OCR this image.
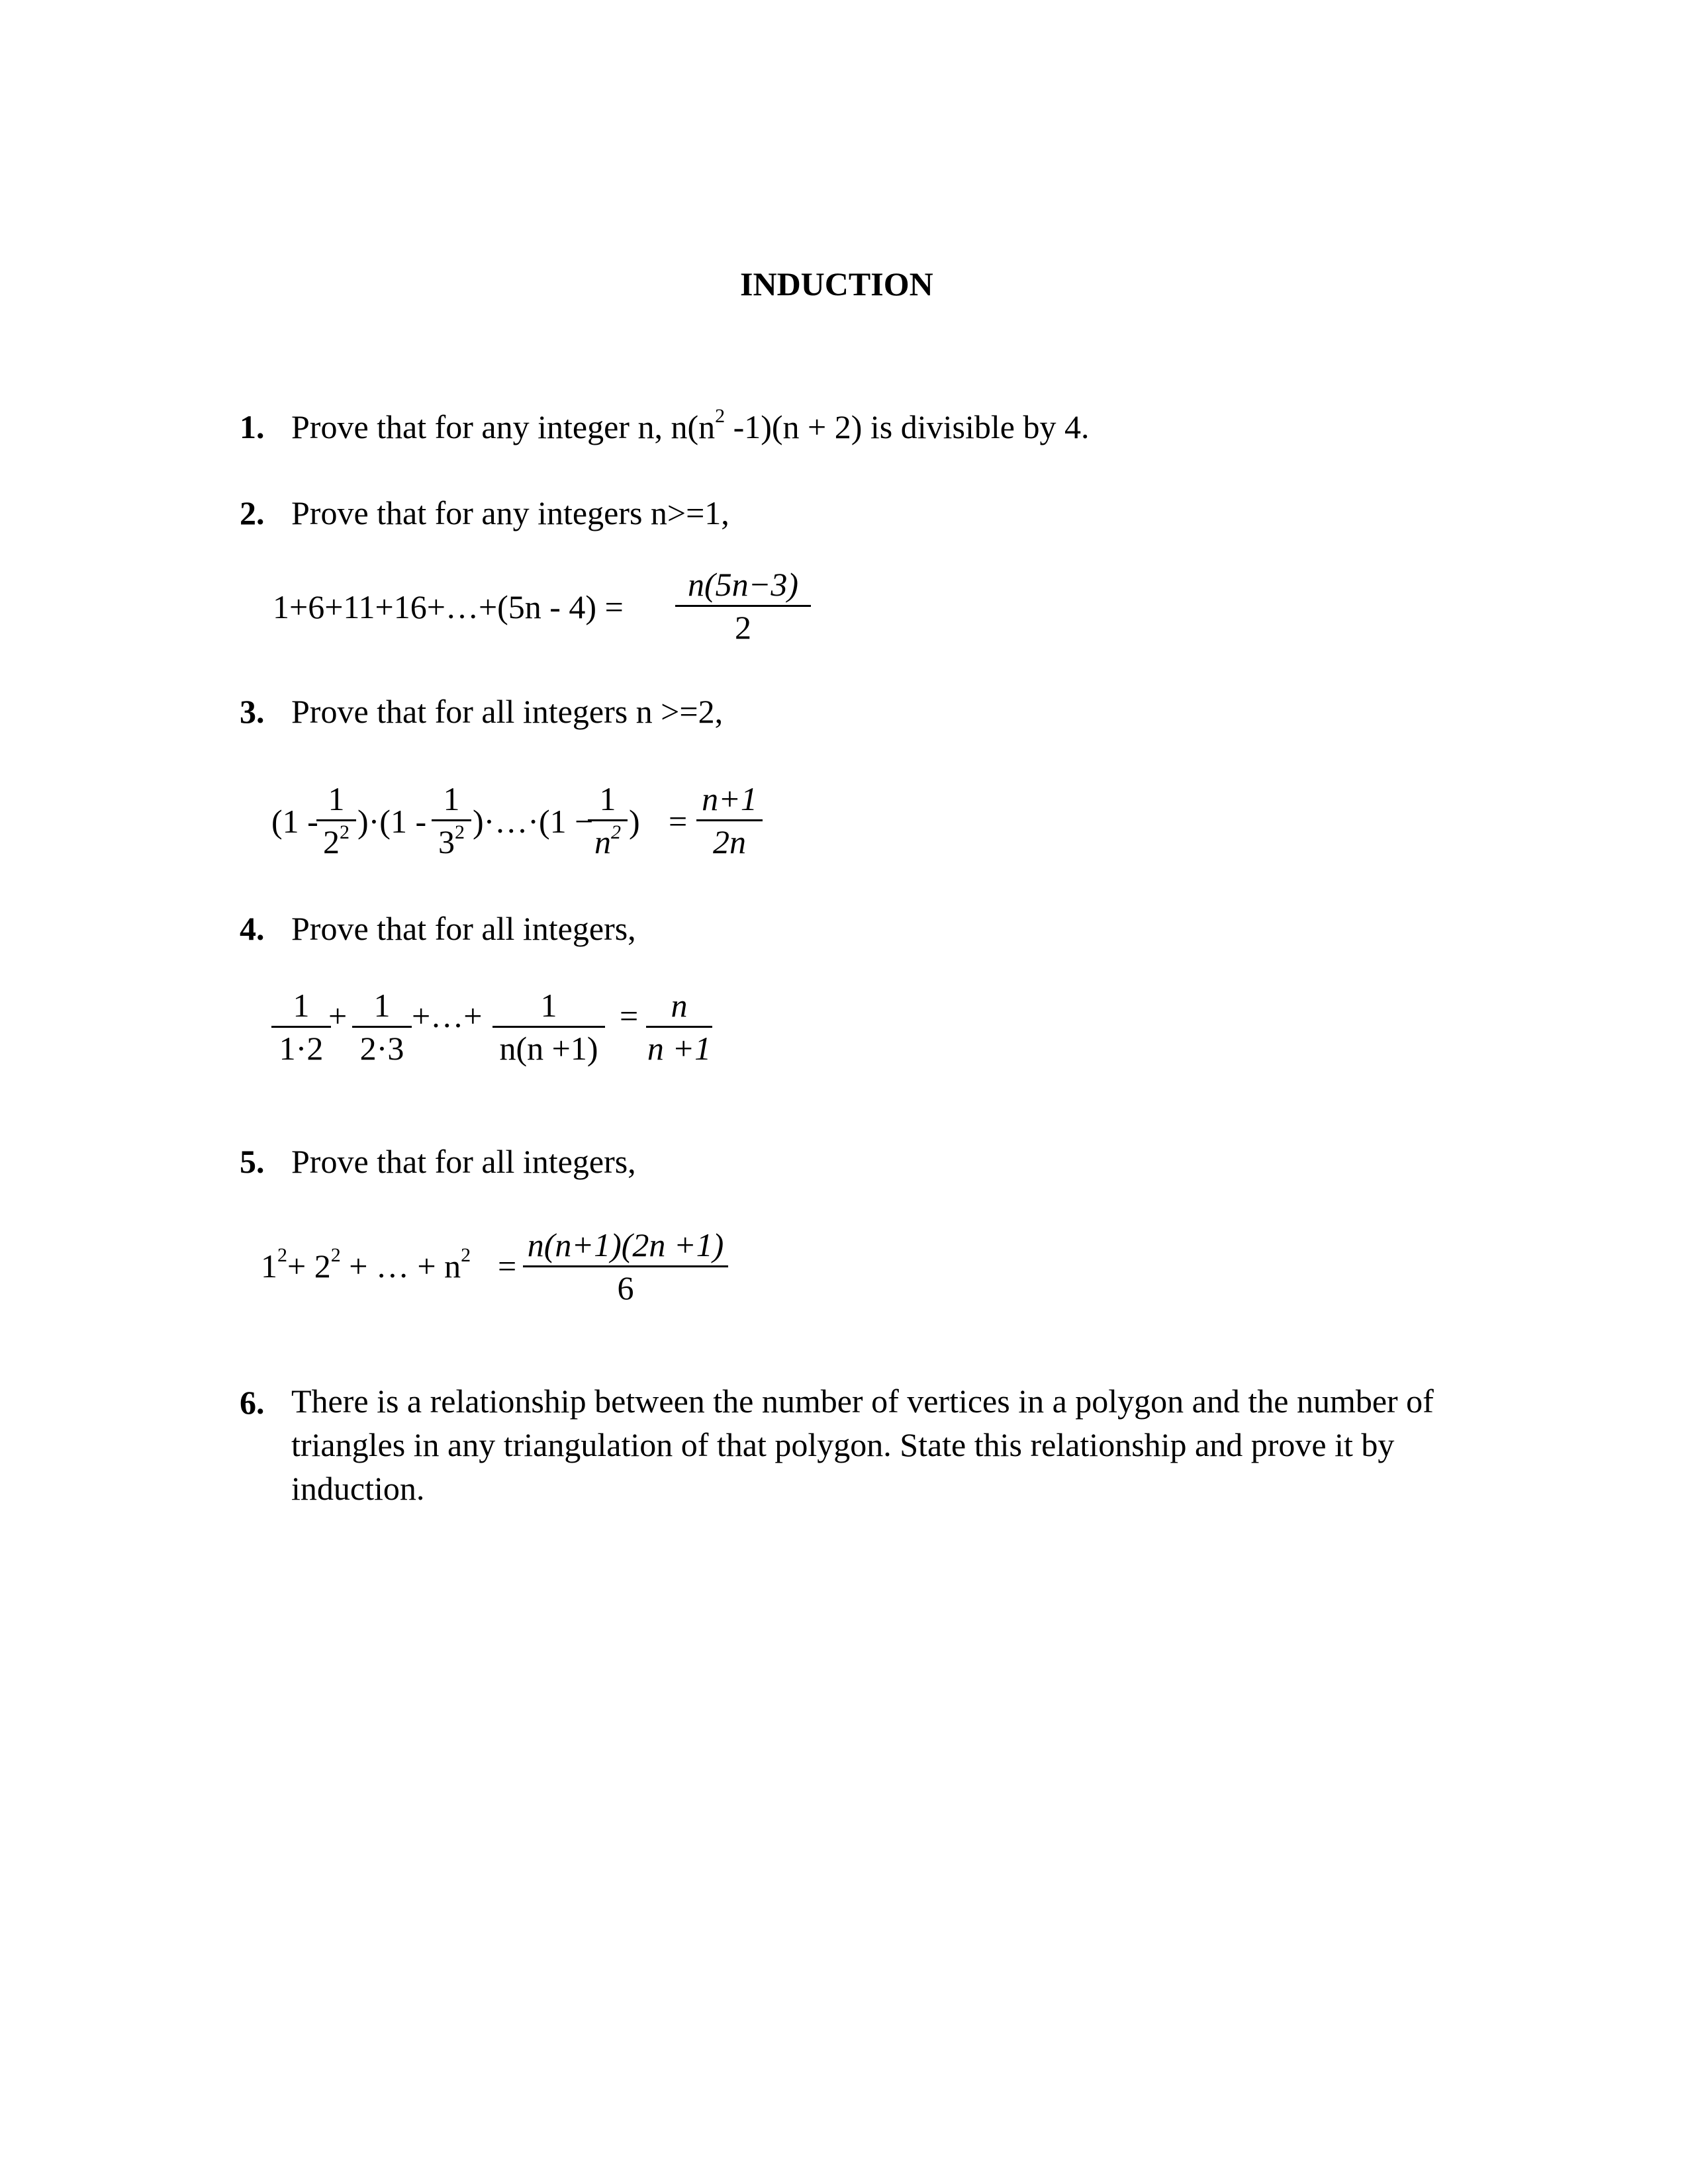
INDUCTION
1. Prove that for any integer n, $n(n^2$ -1)(n + 2) is divisible by 4.
2. Prove that for any integers n>=1,
1+6+11+16+…+(5n - 4) =
n(5n−3)
2
3. Prove that for all integers n >=2,
(1 -
1
$2^2$ )·(1 -
1
$3^2$ )·…·(1 −
1
$n^2$ ) =
n+1
2n
4. Prove that for all integers,
1
1·2
+ 1
2·3
+…+	1
n(n +1)
= n
n +1
5. Prove that for all integers,
$1^2+ 2^2$ + … + $n^2$ =
n(n+1)(2n +1)
6
6. There is a relationship between the number of vertices in a polygon and the number of triangles in any triangulation of that polygon. State this relationship and prove it by induction.
